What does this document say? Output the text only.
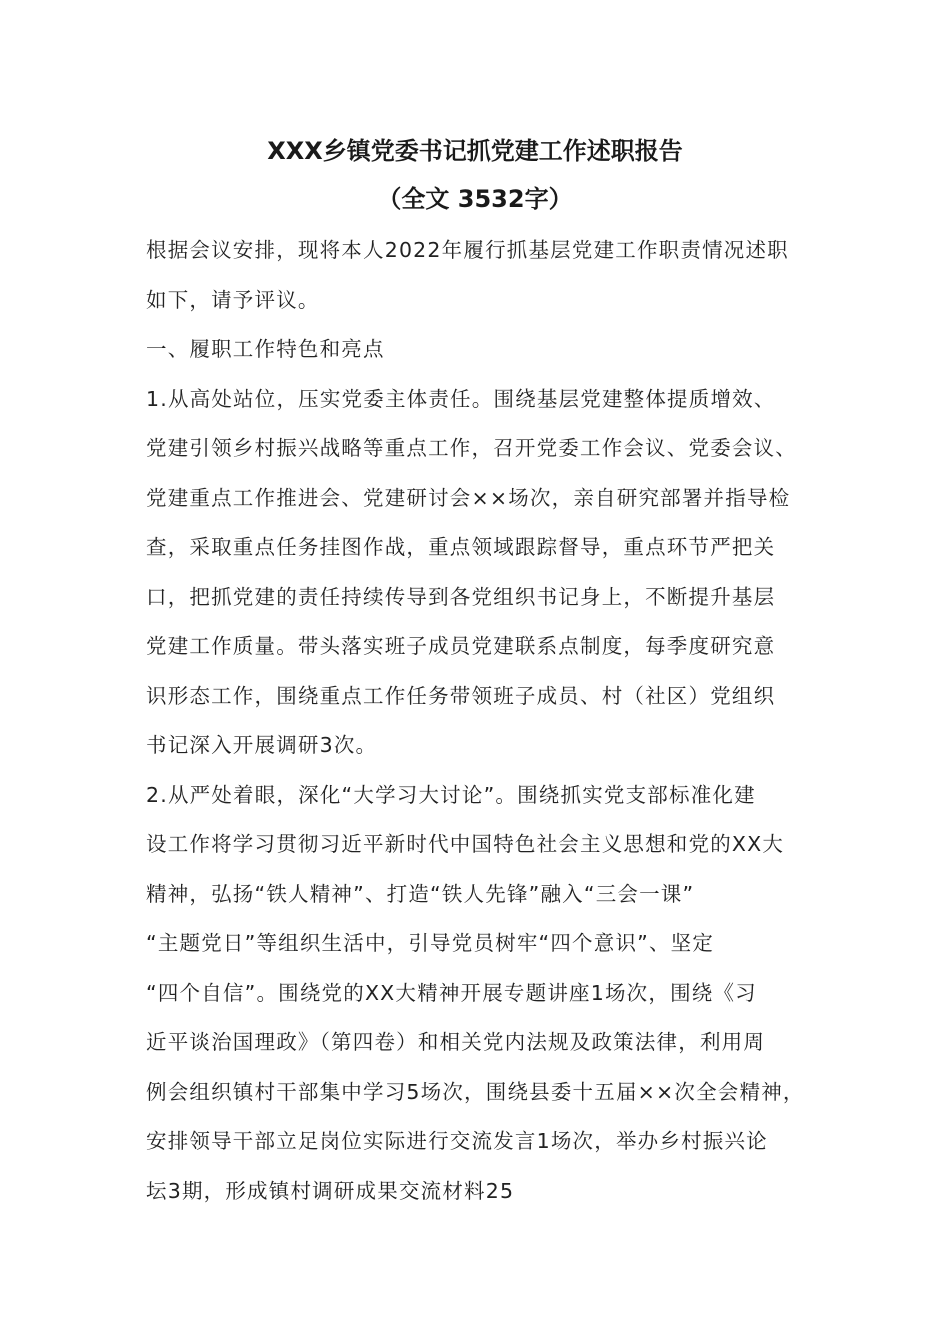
XXX乡镇党委书记抓党建工作述职报告
（全文 3532字）
根据会议安排，现将本人2022年履行抓基层党建工作职责情况述职
如下，请予评议。
一、履职工作特色和亮点
1.从高处站位，压实党委主体责任。围绕基层党建整体提质增效、
党建引领乡村振兴战略等重点工作，召开党委工作会议、党委会议、
党建重点工作推进会、党建研讨会××场次，亲自研究部署并指导检
查，采取重点任务挂图作战，重点领域跟踪督导，重点环节严把关
口，把抓党建的责任持续传导到各党组织书记身上，不断提升基层
党建工作质量。带头落实班子成员党建联系点制度，每季度研究意
识形态工作，围绕重点工作任务带领班子成员、村（社区）党组织
书记深入开展调研3次。
2.从严处着眼，深化“大学习大讨论”。围绕抓实党支部标准化建
设工作将学习贯彻习近平新时代中国特色社会主义思想和党的XX大
精神，弘扬“铁人精神”、打造“铁人先锋”融入“三会一课”
“主题党日”等组织生活中，引导党员树牢“四个意识”、坚定
“四个自信”。围绕党的XX大精神开展专题讲座1场次，围绕《习
近平谈治国理政》（第四卷）和相关党内法规及政策法律，利用周
例会组织镇村干部集中学习5场次，围绕县委十五届××次全会精神，
安排领导干部立足岗位实际进行交流发言1场次，举办乡村振兴论
坛3期，形成镇村调研成果交流材料25
